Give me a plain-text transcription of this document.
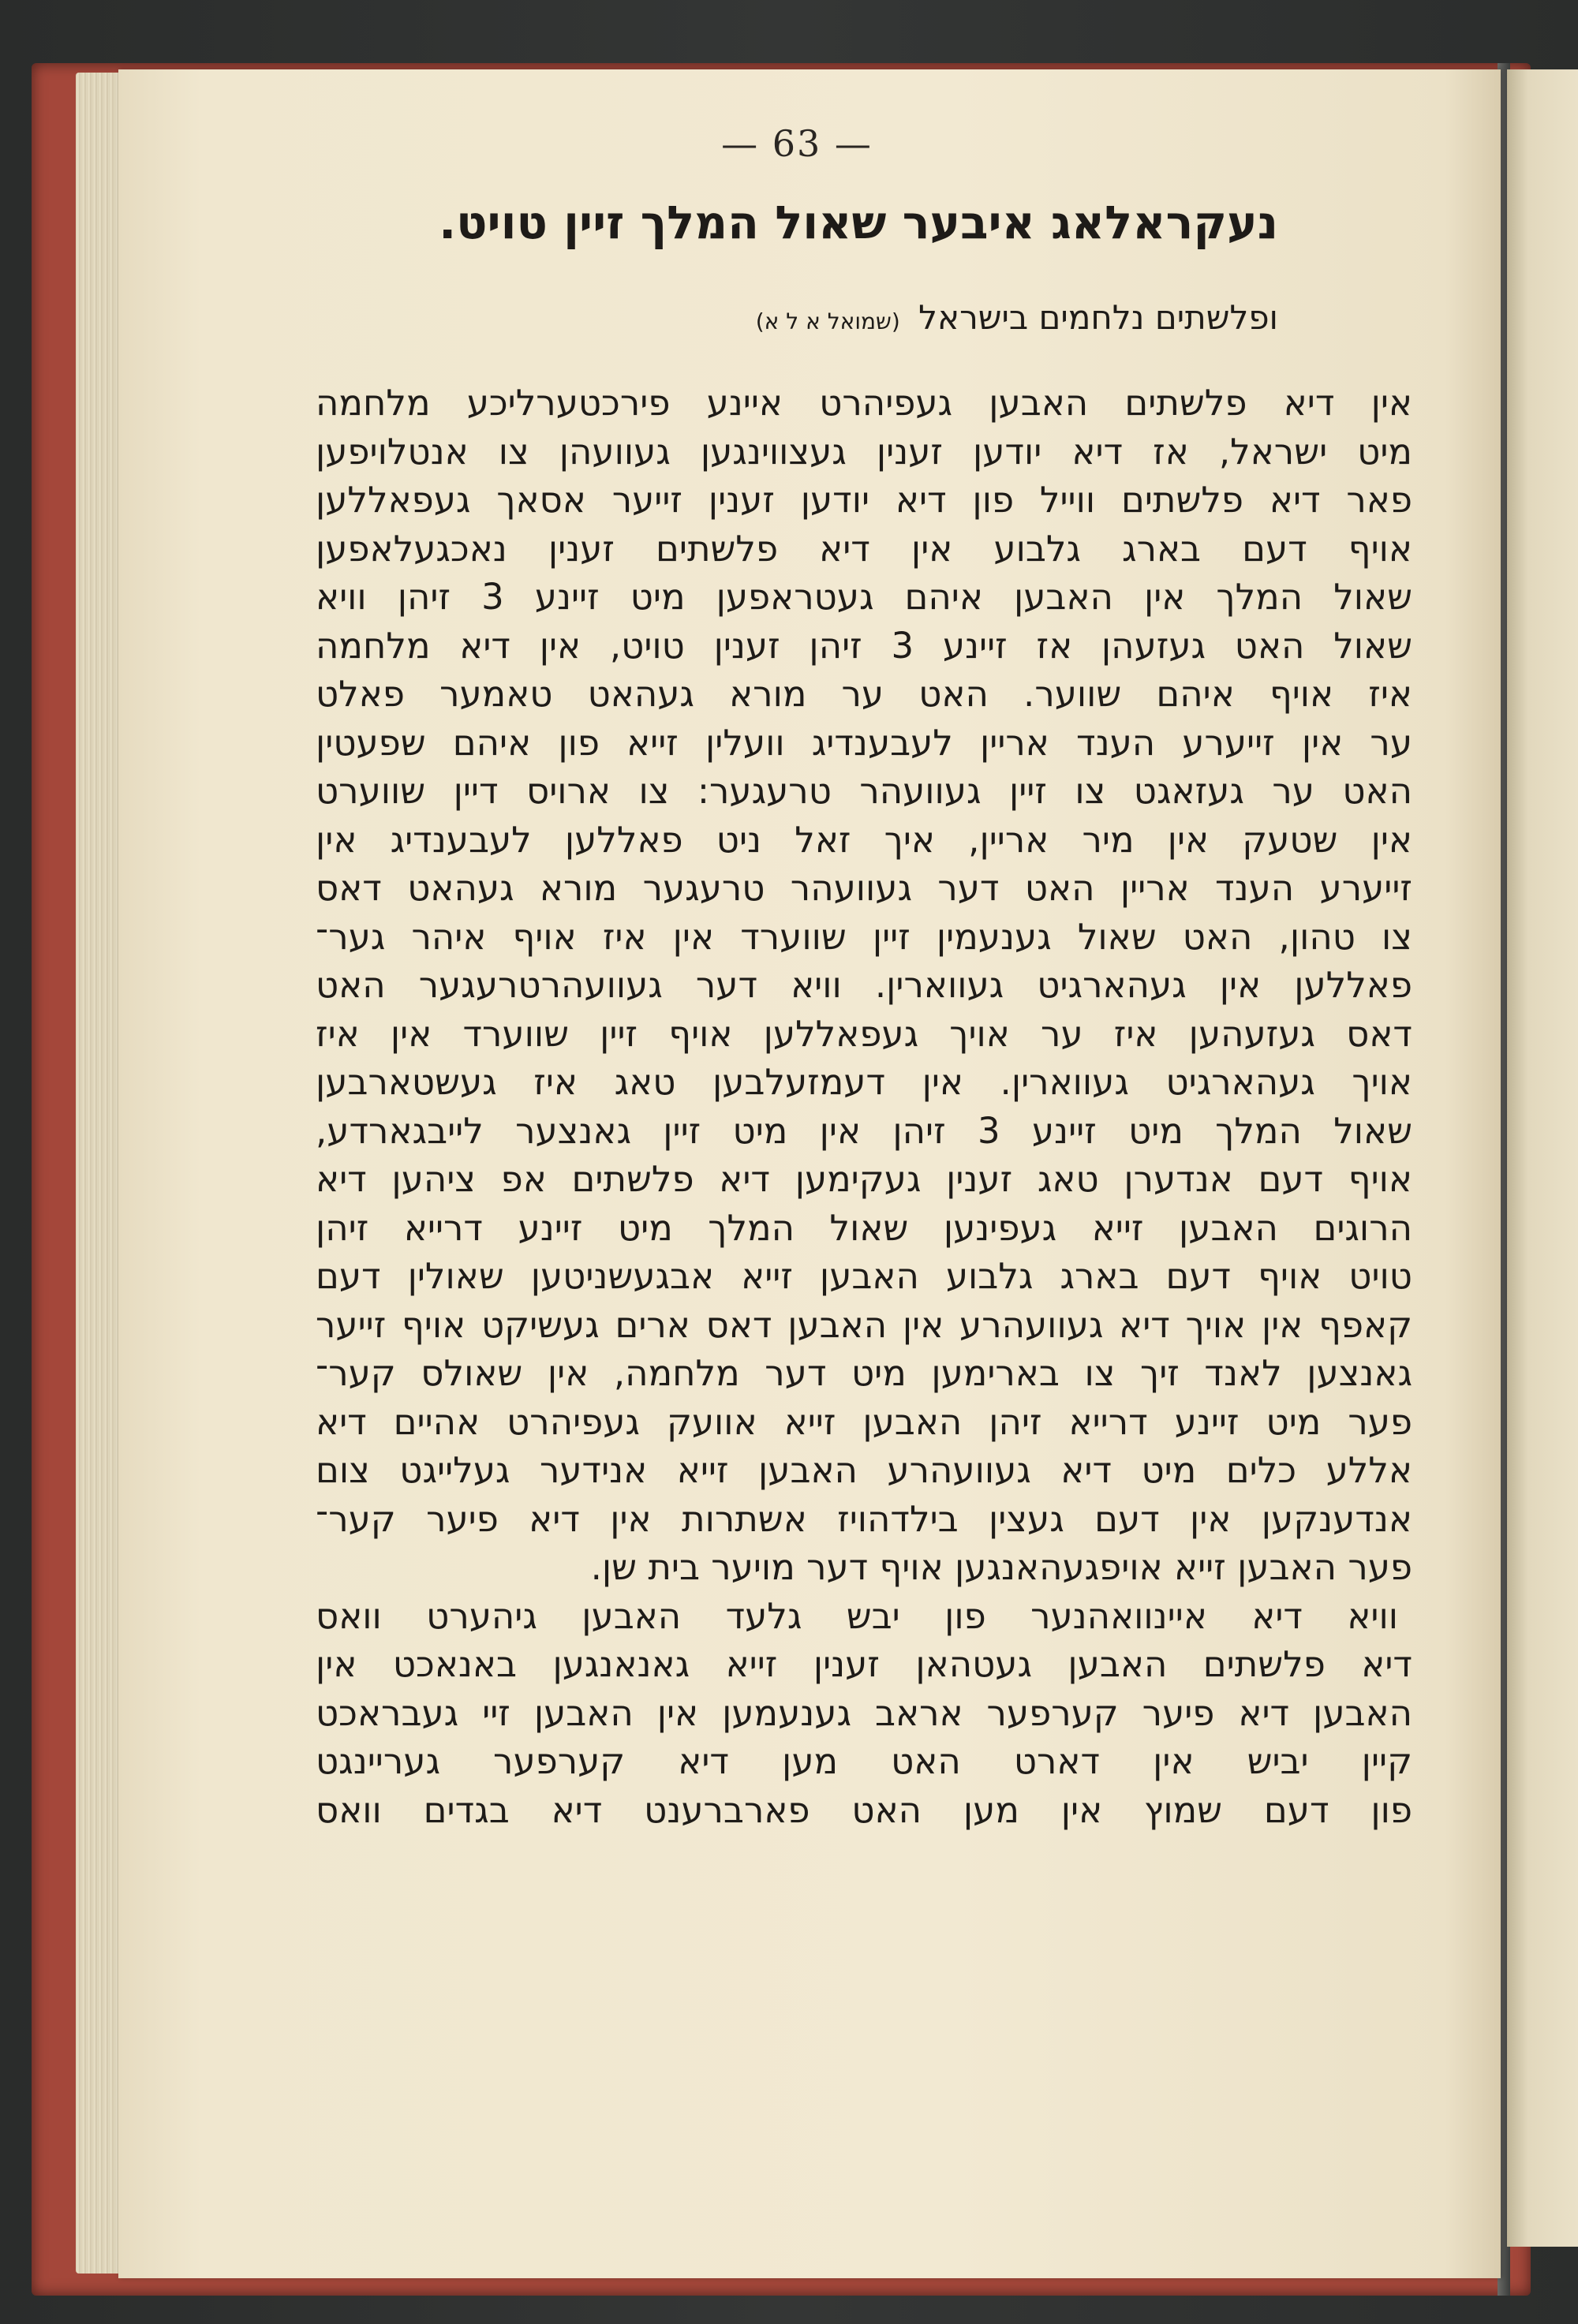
— 63 —
נעקראלאג איבער שאול המלך זיין טויט.
ופלשתים נלחמים בישראל (שמואל א ל א)
אין דיא פלשתים האבען געפיהרט איינע פירכטערליכע מלחמה
מיט ישראל, אז דיא יודען זענין געצווינגען געוועהן צו אנטלויפען
פאר דיא פלשתים ווייל פון דיא יודען זענין זייער אסאך געפאללען
אויף דעם בארג גלבוע אין דיא פלשתים זענין נאכגעלאפען
שאול המלך אין האבען איהם געטראפען מיט זיינע 3 זיהן וויא
שאול האט געזעהן אז זיינע 3 זיהן זענין טויט, אין דיא מלחמה
איז אויף איהם שווער. האט ער מורא געהאט טאמער פאלט
ער אין זייערע הענד אריין לעבענדיג וועלין זייא פון איהם שפעטין
האט ער געזאגט צו זיין געוועהר טרעגער: צו ארויס דיין שווערט
אין שטעק אין מיר אריין, איך זאל ניט פאללען לעבענדיג אין
זייערע הענד אריין האט דער געוועהר טרעגער מורא געהאט דאס
צו טהון, האט שאול גענעמין זיין שווערד אין איז אויף איהר גער־
פאללען אין געהארגיט געווארין. וויא דער געוועהרטרעגער האט
דאס געזעהען איז ער אויך געפאללען אויף זיין שווערד אין איז
אויך געהארגיט געווארין. אין דעמזעלבען טאג איז געשטארבען
שאול המלך מיט זיינע 3 זיהן אין מיט זיין גאנצער לייבגארדע,
אויף דעם אנדערן טאג זענין געקימען דיא פלשתים אפ ציהען דיא
הרוגים האבען זייא געפינען שאול המלך מיט זיינע דרייא זיהן
טויט אויף דעם בארג גלבוע האבען זייא אבגעשניטען שאולין דעם
קאפף אין אויך דיא געוועהרע אין האבען דאס ארים געשיקט אויף זייער
גאנצען לאנד זיך צו בארימען מיט דער מלחמה, אין שאולס קער־
פער מיט זיינע דרייא זיהן האבען זייא אוועק געפיהרט אהיים דיא
אללע כלים מיט דיא געוועהרע האבען זייא אנידער געלייגט צום
אנדענקען אין דעם געצין בילדהויז אשתרות אין דיא פיער קער־
פער האבען זייא אויפגעהאנגען אויף דער מויער בית שן.
וויא דיא איינוואהנער פון יבש גלעד האבען גיהערט וואס
דיא פלשתים האבען געטהאן זענין זייא גאנאנגען באנאכט אין
האבען דיא פיער קערפער אראב גענעמען אין האבען זיי געבראכט
קיין יביש אין דארט האט מען דיא קערפער געריינגט
פון דעם שמוץ אין מען האט פארברענט דיא בגדים וואס
